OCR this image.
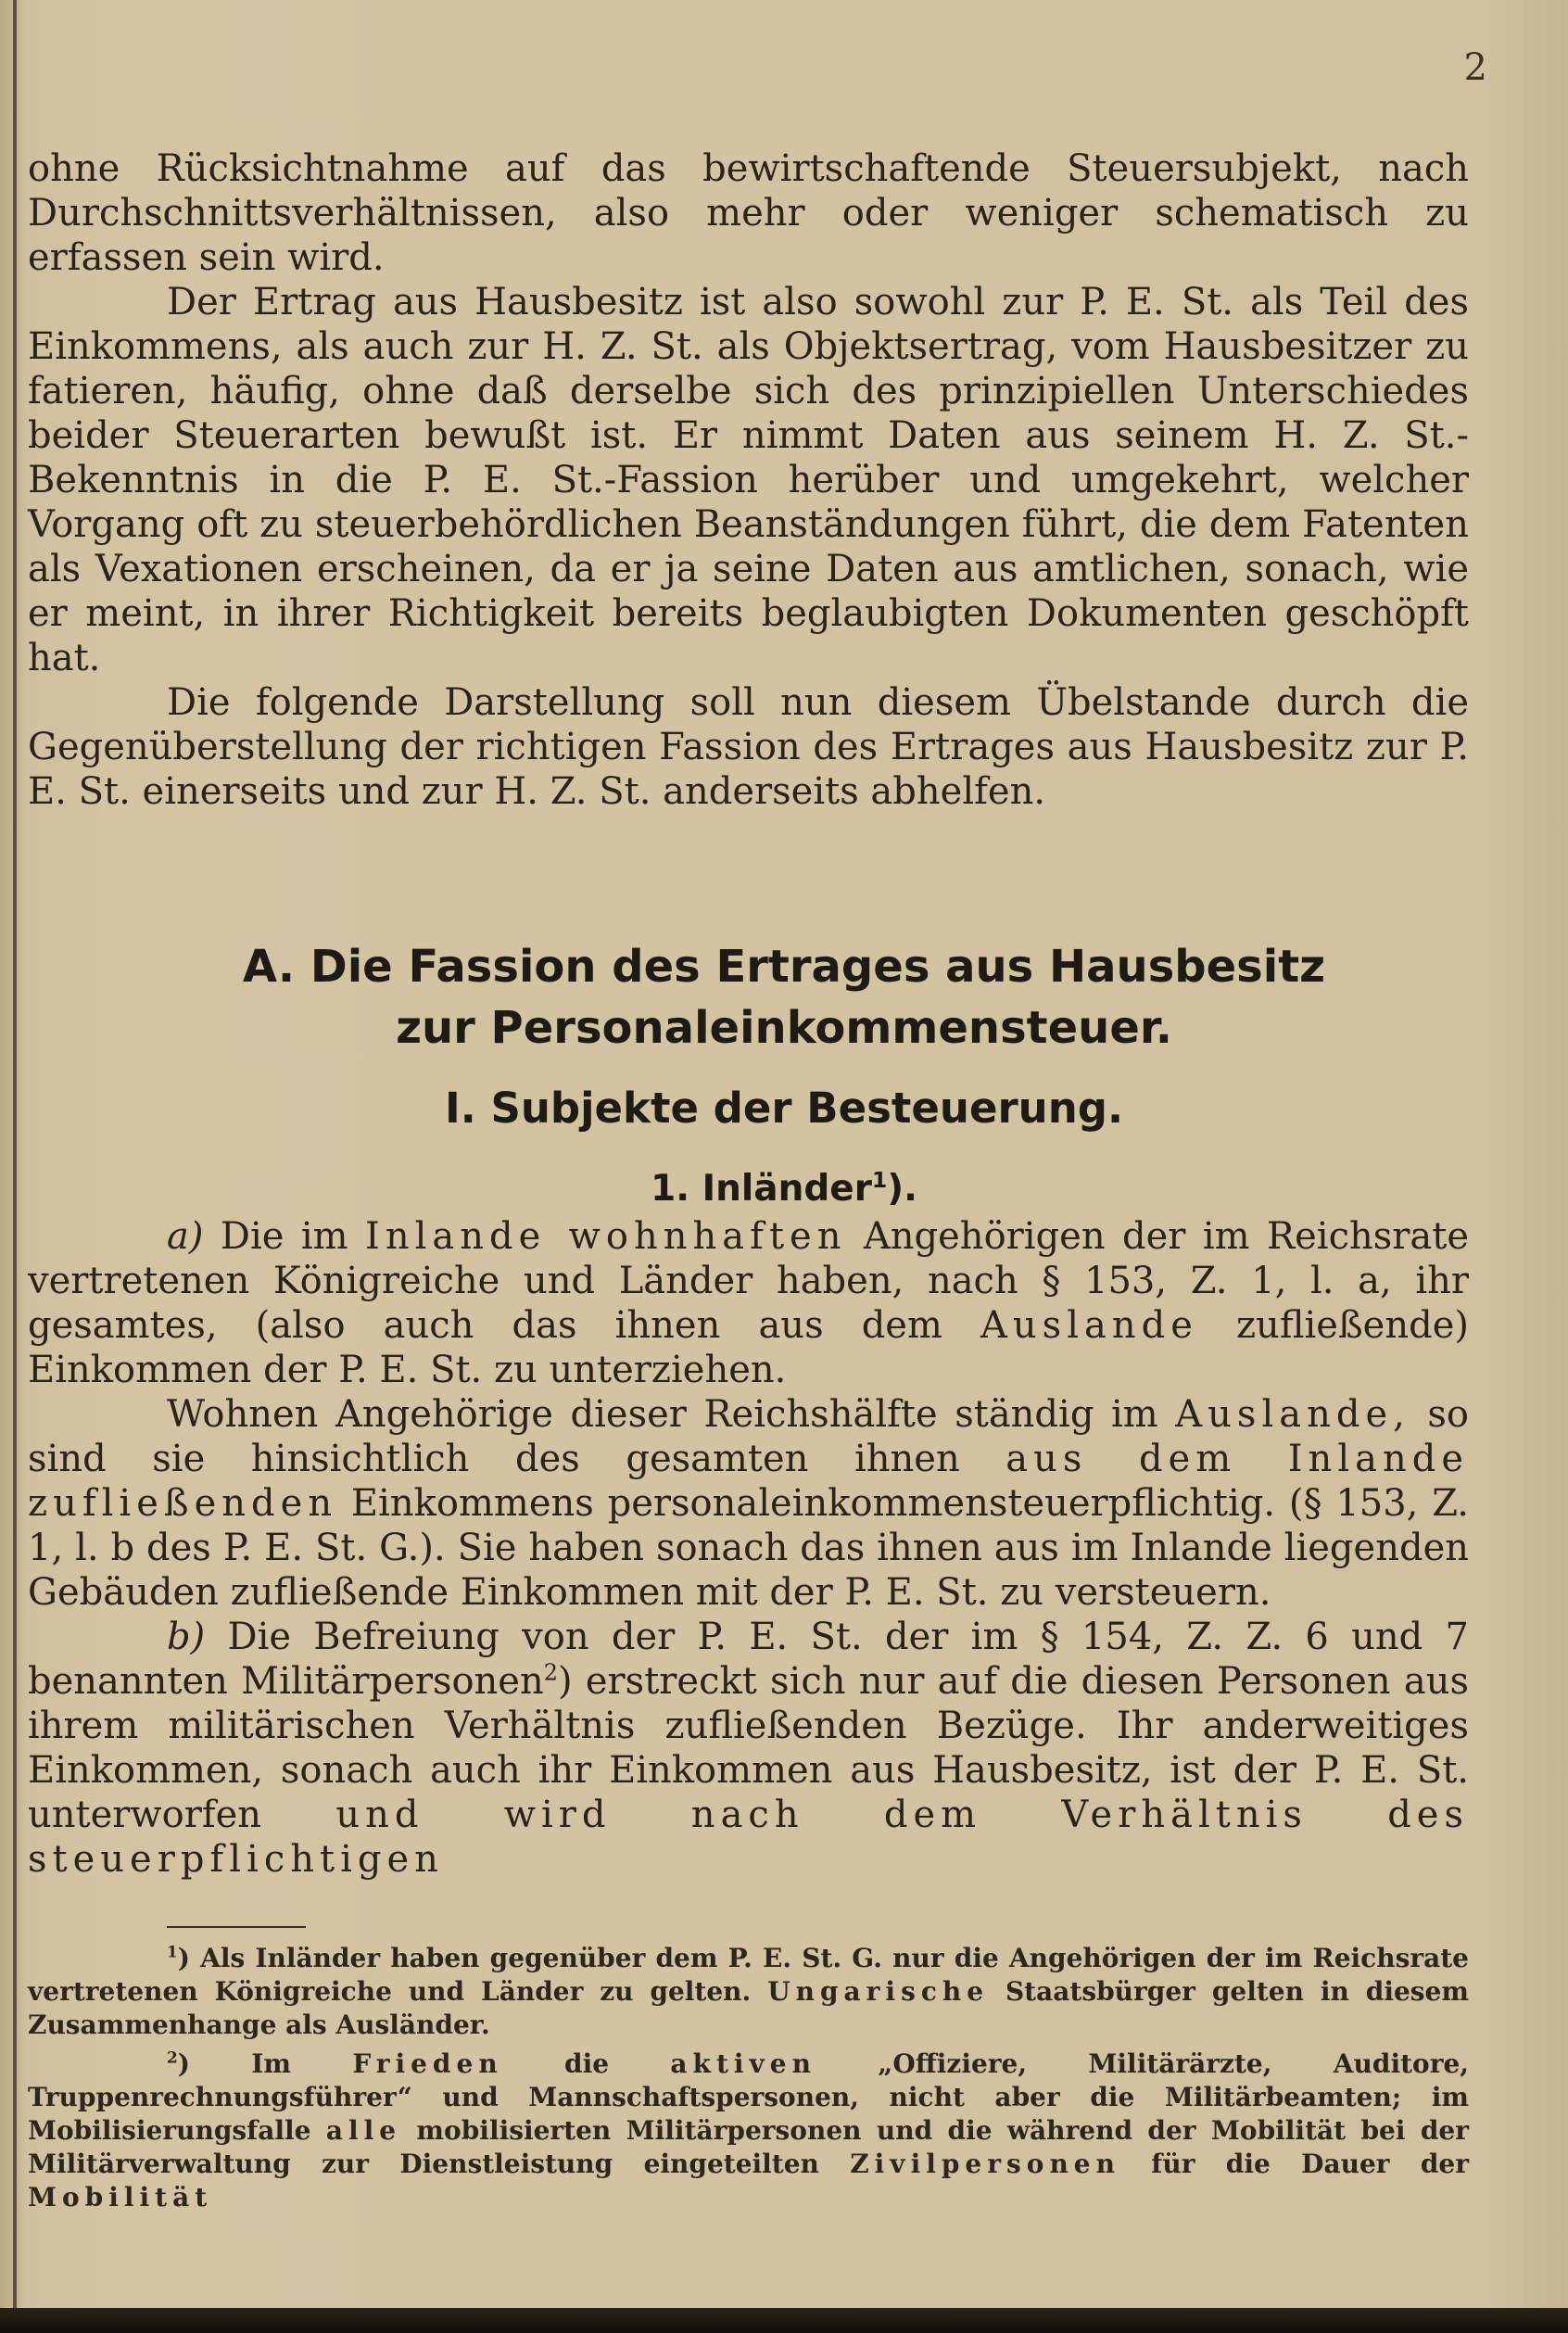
2

ohne Rücksichtnahme auf das bewirtschaftende Steuersubjekt, nach Durchschnittsverhältnissen, also mehr oder weniger schematisch zu erfassen sein wird.

Der Ertrag aus Hausbesitz ist also sowohl zur P. E. St. als Teil des Einkommens, als auch zur H. Z. St. als Objektsertrag, vom Hausbesitzer zu fatieren, häufig, ohne daß derselbe sich des prinzipiellen Unterschiedes beider Steuerarten bewußt ist. Er nimmt Daten aus seinem H. Z. St.-Bekenntnis in die P. E. St.-Fassion herüber und umgekehrt, welcher Vorgang oft zu steuerbehördlichen Beanständungen führt, die dem Fatenten als Vexationen erscheinen, da er ja seine Daten aus amtlichen, sonach, wie er meint, in ihrer Richtigkeit bereits beglaubigten Dokumenten geschöpft hat.

Die folgende Darstellung soll nun diesem Übelstande durch die Gegenüberstellung der richtigen Fassion des Ertrages aus Hausbesitz zur P. E. St. einerseits und zur H. Z. St. anderseits abhelfen.

A. Die Fassion des Ertrages aus Hausbesitz
zur Personaleinkommensteuer.
I. Subjekte der Besteuerung.
1. Inländer$^1$).

a) Die im Inlande wohnhaften Angehörigen der im Reichsrate vertretenen Königreiche und Länder haben, nach § 153, Z. 1, l. a, ihr gesamtes, (also auch das ihnen aus dem Auslande zufließende) Einkommen der P. E. St. zu unterziehen.

Wohnen Angehörige dieser Reichshälfte ständig im Auslande, so sind sie hinsichtlich des gesamten ihnen aus dem Inlande zufließenden Einkommens personaleinkommensteuerpflichtig. (§ 153, Z. 1, l. b des P. E. St. G.). Sie haben sonach das ihnen aus im Inlande liegenden Gebäuden zufließende Einkommen mit der P. E. St. zu versteuern.

b) Die Befreiung von der P. E. St. der im § 154, Z. Z. 6 und 7 benannten Militärpersonen$^2$) erstreckt sich nur auf die diesen Personen aus ihrem militärischen Verhältnis zufließenden Bezüge. Ihr anderweitiges Einkommen, sonach auch ihr Einkommen aus Hausbesitz, ist der P. E. St. unterworfen und wird nach dem Verhältnis des steuerpflichtigen

$^1$) Als Inländer haben gegenüber dem P. E. St. G. nur die Angehörigen der im Reichsrate vertretenen Königreiche und Länder zu gelten. Ungarische Staatsbürger gelten in diesem Zusammenhange als Ausländer.

$^2$) Im Frieden die aktiven „Offiziere, Militärärzte, Auditore, Truppenrechnungsführer“ und Mannschaftspersonen, nicht aber die Militärbeamten; im Mobilisierungsfalle alle mobilisierten Militärpersonen und die während der Mobilität bei der Militärverwaltung zur Dienstleistung eingeteilten Zivilpersonen für die Dauer der Mobilität
